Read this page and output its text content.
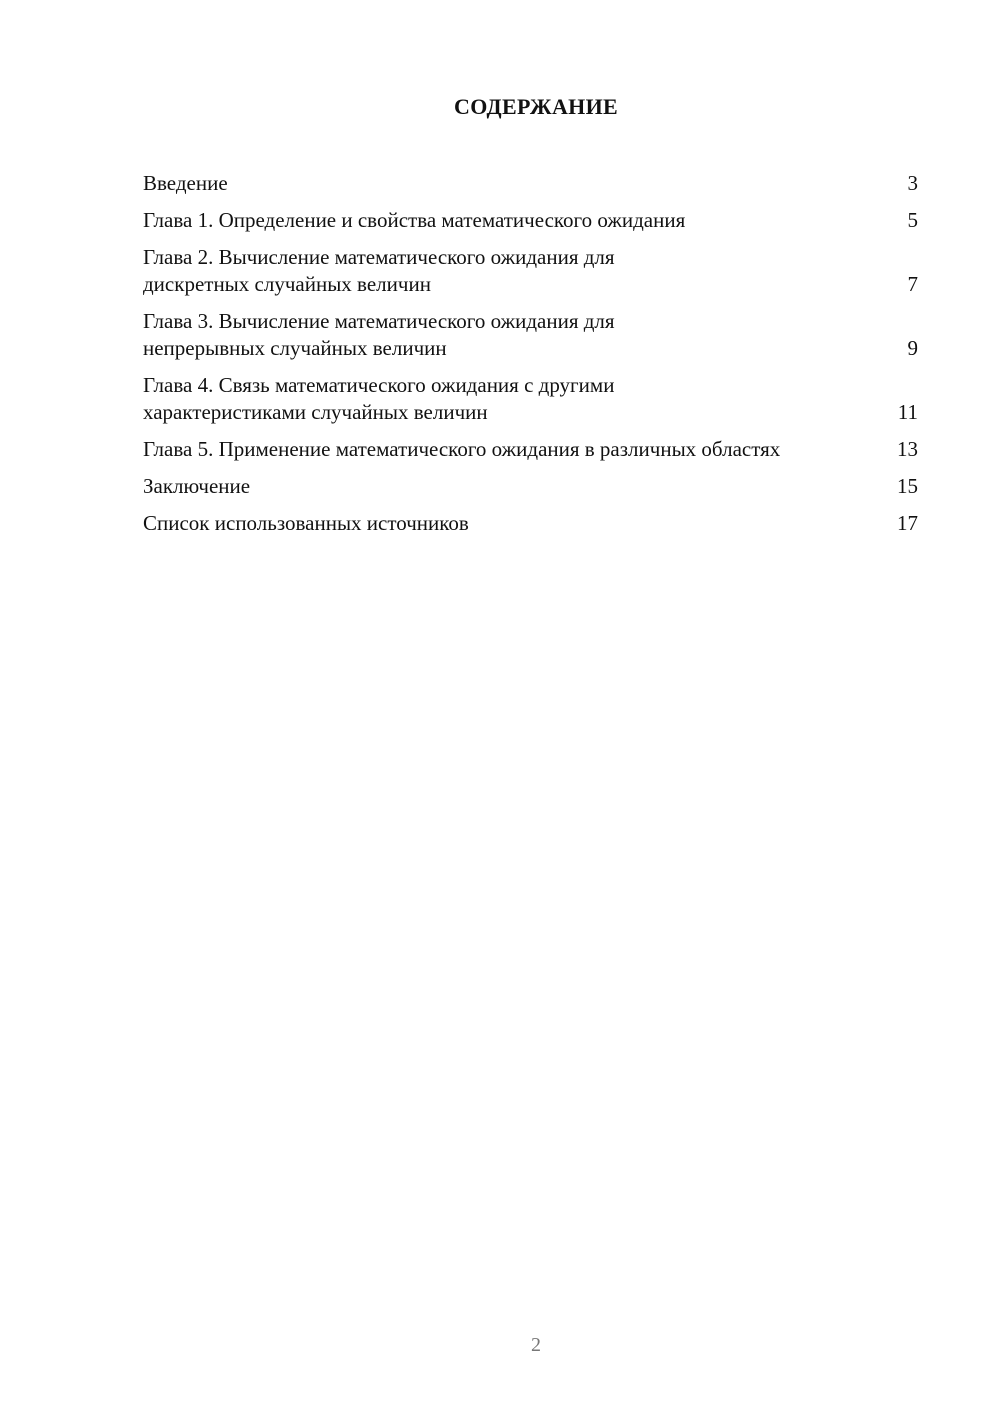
СОДЕРЖАНИЕ
Введение	3
Глава 1. Определение и свойства математического ожидания	5
Глава 2. Вычисление математического ожидания для дискретных случайных величин	7
Глава 3. Вычисление математического ожидания для непрерывных случайных величин	9
Глава 4. Связь математического ожидания с другими характеристиками случайных величин	11
Глава 5. Применение математического ожидания в различных областях	13
Заключение	15
Список использованных источников	17
2
